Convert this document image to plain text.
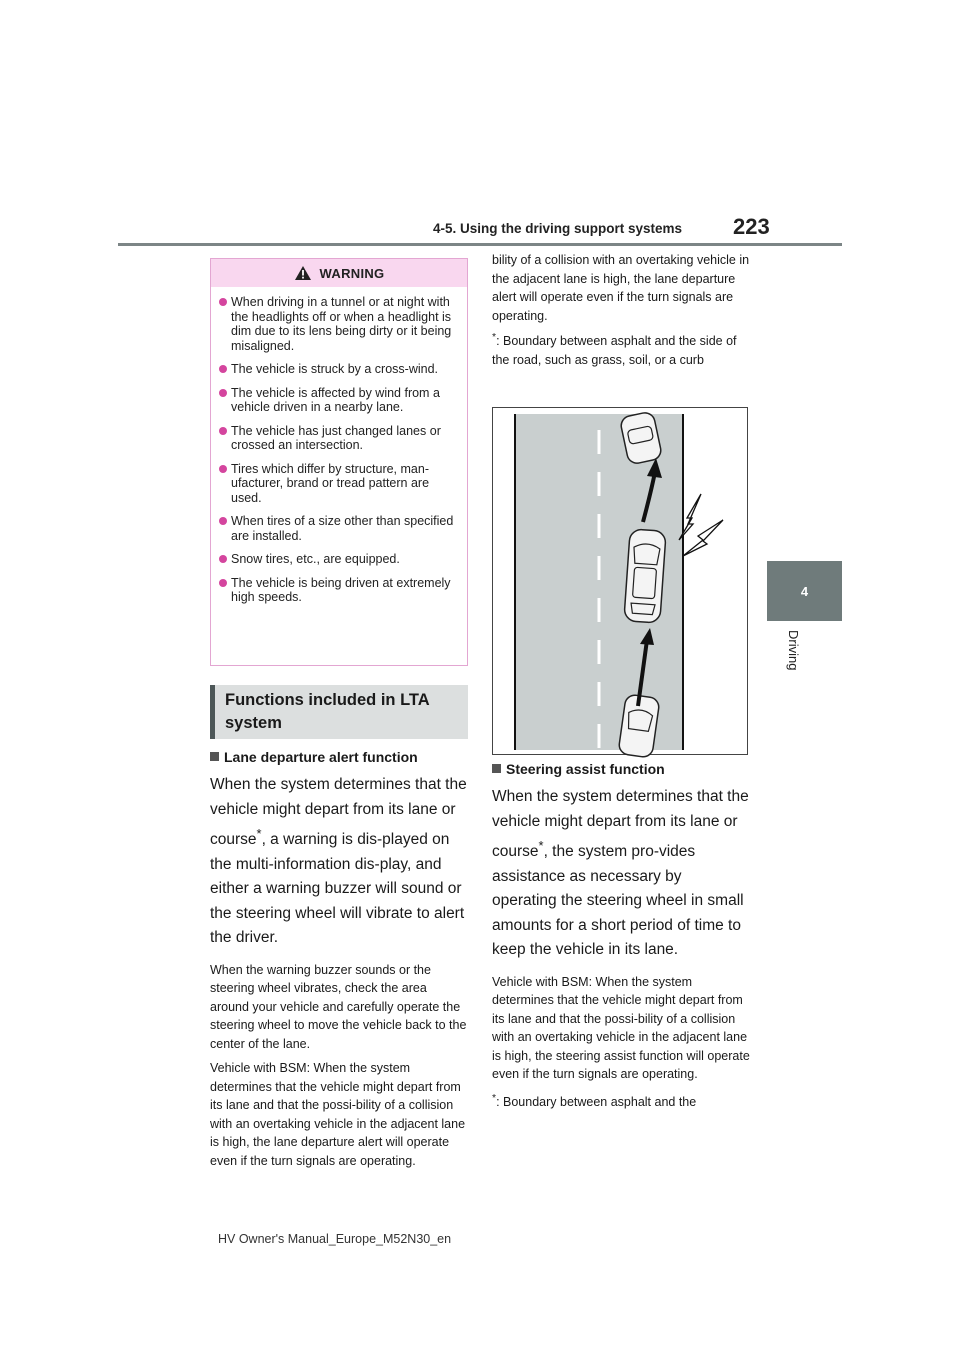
4-5. Using the driving support systems 223
4
Driving
WARNING
When driving in a tunnel or at night with the headlights off or when a headlight is dim due to its lens being dirty or it being misaligned.
The vehicle is struck by a cross-wind.
The vehicle is affected by wind from a vehicle driven in a nearby lane.
The vehicle has just changed lanes or crossed an intersection.
Tires which differ by structure, man-ufacturer, brand or tread pattern are used.
When tires of a size other than specified are installed.
Snow tires, etc., are equipped.
The vehicle is being driven at extremely high speeds.
Functions included in LTA system
Lane departure alert function

When the system determines that the vehicle might depart from its lane or course*, a warning is dis-played on the multi-information dis-play, and either a warning buzzer will sound or the steering wheel will vibrate to alert the driver.

When the warning buzzer sounds or the steering wheel vibrates, check the area around your vehicle and carefully operate the steering wheel to move the vehicle back to the center of the lane.

Vehicle with BSM: When the system determines that the vehicle might depart from its lane and that the possi-bility of a collision with an overtaking vehicle in the adjacent lane is high, the lane departure alert will operate even if the turn signals are operating.

bility of a collision with an overtaking vehicle in the adjacent lane is high, the lane departure alert will operate even if the turn signals are operating.

*: Boundary between asphalt and the side of the road, such as grass, soil, or a curb

Steering assist function

When the system determines that the vehicle might depart from its lane or course*, the system pro-vides assistance as necessary by operating the steering wheel in small amounts for a short period of time to keep the vehicle in its lane.

Vehicle with BSM: When the system determines that the vehicle might depart from its lane and that the possi-bility of a collision with an overtaking vehicle in the adjacent lane is high, the steering assist function will operate even if the turn signals are operating.

*: Boundary between asphalt and the

HV Owner's Manual_Europe_M52N30_en
